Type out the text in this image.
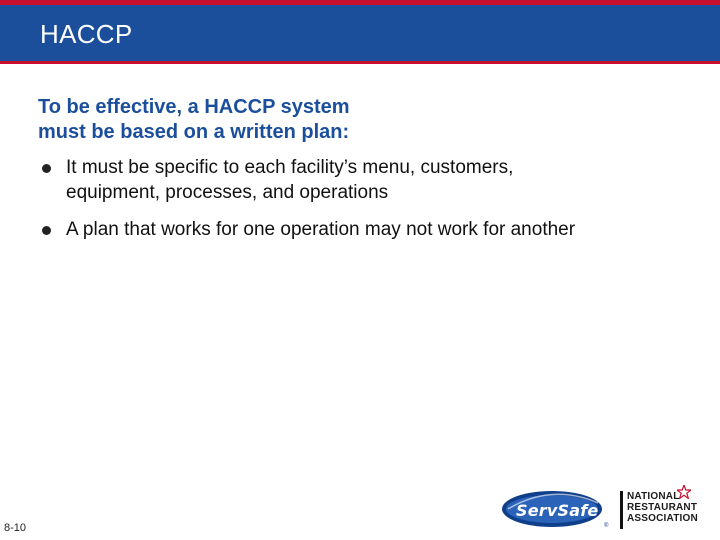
HACCP
To be effective, a HACCP system
must be based on a written plan:
It must be specific to each facility’s menu, customers, equipment, processes, and operations
A plan that works for one operation may not work for another
8-10	®
ServSafe
NATIONAL
RESTAURANT
ASSOCIATION
